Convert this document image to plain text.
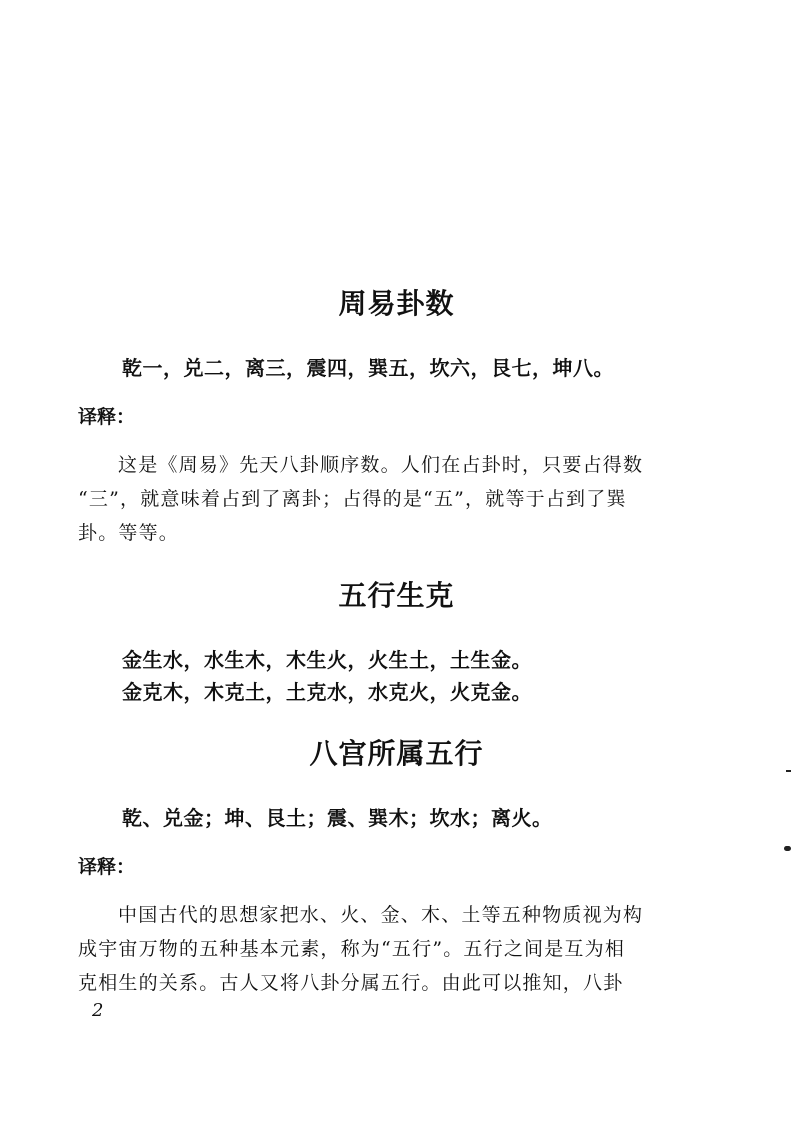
周易卦数

乾一，兑二，离三，震四，巽五，坎六，艮七，坤八。

译释：

这是《周易》先天八卦顺序数。人们在占卦时，只要占得数

“三”，就意味着占到了离卦；占得的是“五”，就等于占到了巽

卦。等等。

五行生克

金生水，水生木，木生火，火生土，土生金。

金克木，木克土，土克水，水克火，火克金。

八宫所属五行

乾、兑金；坤、艮土；震、巽木；坎水；离火。

译释：

中国古代的思想家把水、火、金、木、土等五种物质视为构

成宇宙万物的五种基本元素，称为“五行”。五行之间是互为相

克相生的关系。古人又将八卦分属五行。由此可以推知，八卦

2
